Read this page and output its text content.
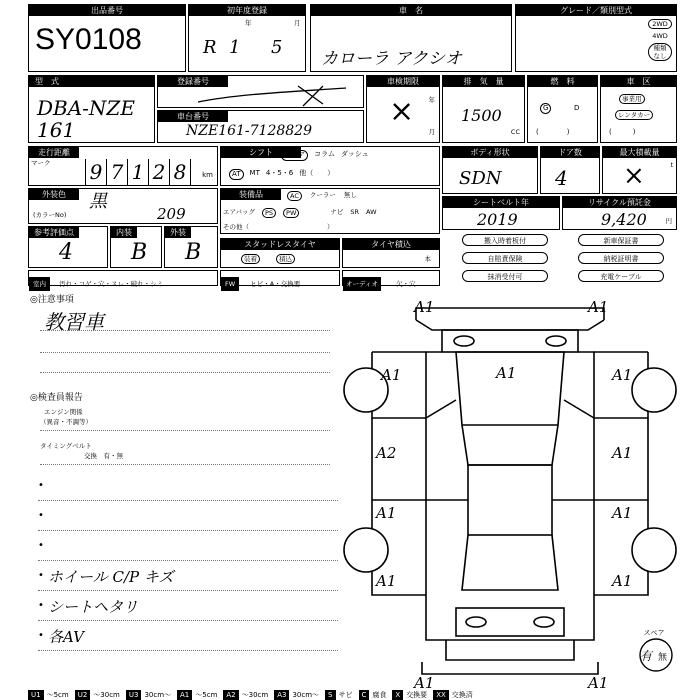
出品番号
SY0108
初年度登録
年	月
R 1 5
車　名
カローラ アクシオ
グレード／類別型式
2WD
4WD
種類なし
型　式
DBA-NZE161
登録番号
車台番号
NZE161-7128829
車検期限
年
月
×
排　気　量
1500
CC
燃　料
G	D
(　　　　)
車　区
事業用
レンタカー
(　　　)
走行距離
マーク 9 7 1 2 8	km
シフト	フロア	コラム ダッシュ
AT	MT 4・5・6 他（　　）
ボディ形状
SDN
ドア数
4
最大積載量
×	t
外装色	黒
(カラーNo)	209
装備品	AC	クーラー 無し
エアバッグ	PS	PW	ナビ SR AW
その他（　　　　　　　　　　　　）
シートベルト年
2019
リサイクル預託金
9,420	円
参考評価点
4
内装
B
外装
B	スタッドレスタイヤ
装着	積込
タイヤ積込
本
搬入時着板付	新車保証書
自賠責保険	納税証明書
抹消受付可	充電ケーブル
室内 汚れ・コゲ・穴・スレ・破れ・シミ	FW ヒビ・A・交換要	オーディオ	欠・穴
◎注意事項
教習車
◎検査員報告
エンジン関係
（異音・不調等）
タイミングベルト
交換　有・無
•
•
•
• ホイール C/P キズ
• シートヘタリ
• 各AV
A1	A1
A1
A1	A1
A2	A1
A1	A1
A1	A1
A1	A1
スペア
有 無
U1 ～5cm	U2 ～30cm	U3 30cm～	A1 ～5cm	A2 ～30cm	A3 30cm～	S サビ	C 腐食	X 交換要	XX 交換済
